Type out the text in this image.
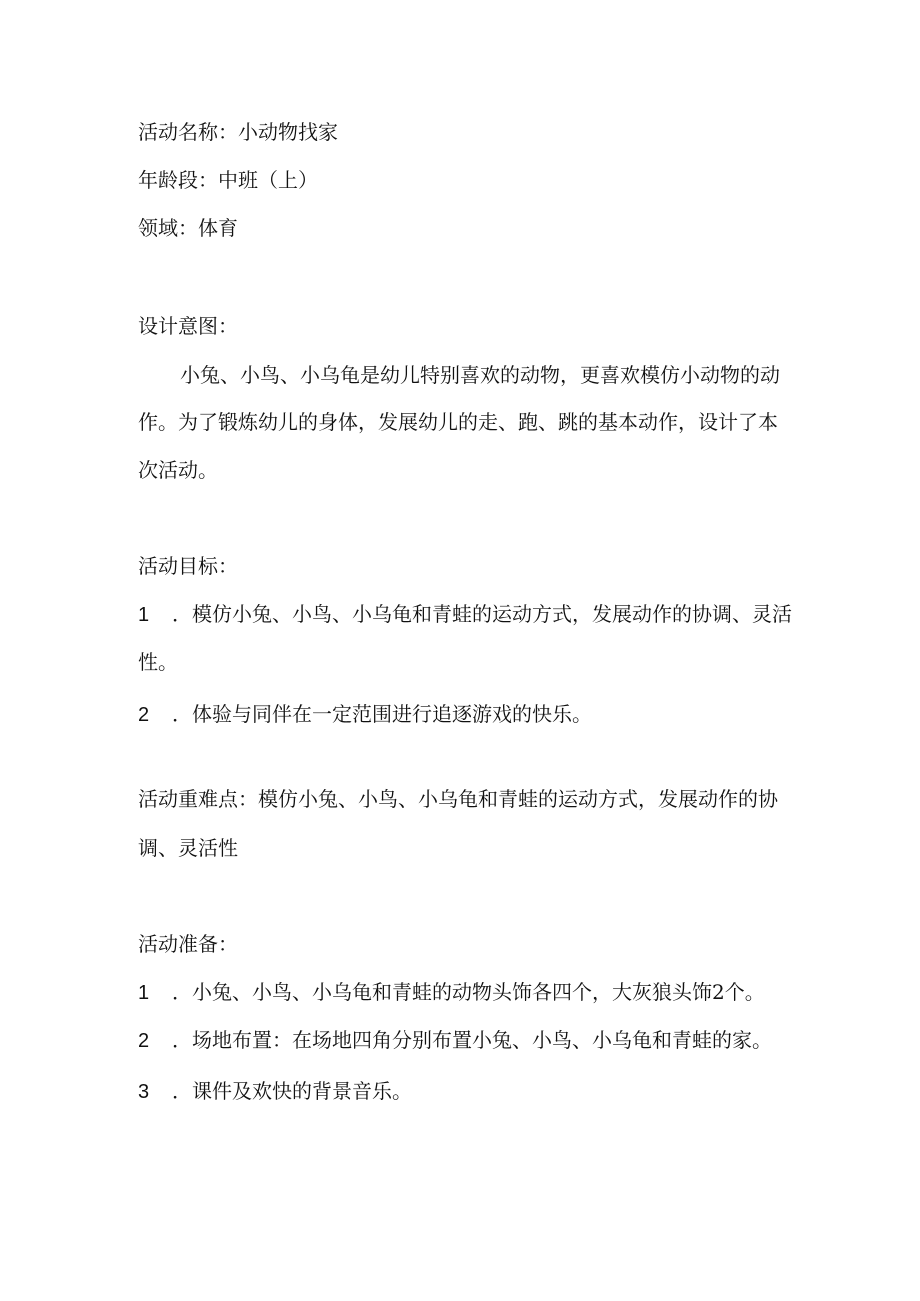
活动名称：小动物找家
年龄段：中班（上）
领域：体育
设计意图：
小兔、小鸟、小乌龟是幼儿特别喜欢的动物，更喜欢模仿小动物的动
作。为了锻炼幼儿的身体，发展幼儿的走、跑、跳的基本动作，设计了本
次活动。
活动目标：
1 ．模仿小兔、小鸟、小乌龟和青蛙的运动方式，发展动作的协调、灵活
性。
2 ．体验与同伴在一定范围进行追逐游戏的快乐。
活动重难点：模仿小兔、小鸟、小乌龟和青蛙的运动方式，发展动作的协
调、灵活性
活动准备：
1 ．小兔、小鸟、小乌龟和青蛙的动物头饰各四个，大灰狼头饰2个。
2 ．场地布置：在场地四角分别布置小兔、小鸟、小乌龟和青蛙的家。
3 ．课件及欢快的背景音乐。
